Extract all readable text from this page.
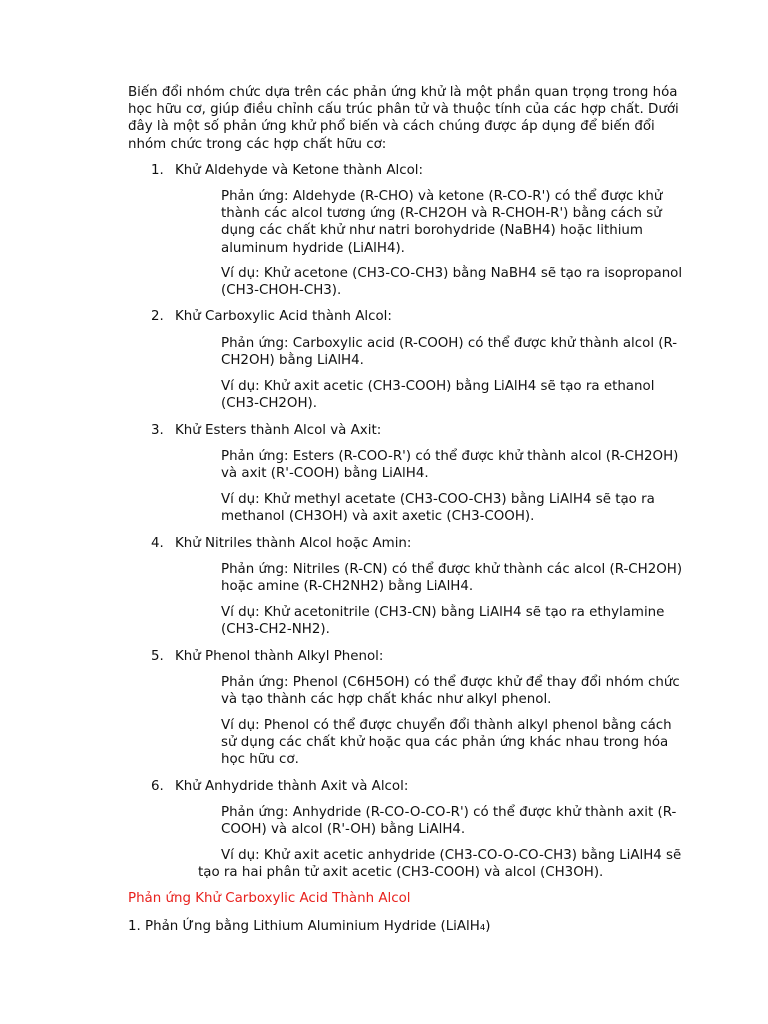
Biến đổi nhóm chức dựa trên các phản ứng khử là một phần quan trọng trong hóa học hữu cơ, giúp điều chỉnh cấu trúc phân tử và thuộc tính của các hợp chất. Dưới đây là một số phản ứng khử phổ biến và cách chúng được áp dụng để biến đổi nhóm chức trong các hợp chất hữu cơ:

1. Khử Aldehyde và Ketone thành Alcol:

Phản ứng: Aldehyde (R-CHO) và ketone (R-CO-R') có thể được khử thành các alcol tương ứng (R-CH2OH và R-CHOH-R') bằng cách sử dụng các chất khử như natri borohydride (NaBH4) hoặc lithium aluminum hydride (LiAlH4).

Ví dụ: Khử acetone (CH3-CO-CH3) bằng NaBH4 sẽ tạo ra isopropanol (CH3-CHOH-CH3).

2. Khử Carboxylic Acid thành Alcol:

Phản ứng: Carboxylic acid (R-COOH) có thể được khử thành alcol (R-CH2OH) bằng LiAlH4.

Ví dụ: Khử axit acetic (CH3-COOH) bằng LiAlH4 sẽ tạo ra ethanol (CH3-CH2OH).

3. Khử Esters thành Alcol và Axit:

Phản ứng: Esters (R-COO-R') có thể được khử thành alcol (R-CH2OH) và axit (R'-COOH) bằng LiAlH4.

Ví dụ: Khử methyl acetate (CH3-COO-CH3) bằng LiAlH4 sẽ tạo ra methanol (CH3OH) và axit axetic (CH3-COOH).

4. Khử Nitriles thành Alcol hoặc Amin:

Phản ứng: Nitriles (R-CN) có thể được khử thành các alcol (R-CH2OH) hoặc amine (R-CH2NH2) bằng LiAlH4.

Ví dụ: Khử acetonitrile (CH3-CN) bằng LiAlH4 sẽ tạo ra ethylamine (CH3-CH2-NH2).

5. Khử Phenol thành Alkyl Phenol:

Phản ứng: Phenol (C6H5OH) có thể được khử để thay đổi nhóm chức và tạo thành các hợp chất khác như alkyl phenol.

Ví dụ: Phenol có thể được chuyển đổi thành alkyl phenol bằng cách sử dụng các chất khử hoặc qua các phản ứng khác nhau trong hóa học hữu cơ.

6. Khử Anhydride thành Axit và Alcol:

Phản ứng: Anhydride (R-CO-O-CO-R') có thể được khử thành axit (R-COOH) và alcol (R'-OH) bằng LiAlH4.

Ví dụ: Khử axit acetic anhydride (CH3-CO-O-CO-CH3) bằng LiAlH4 sẽ tạo ra hai phân tử axit acetic (CH3-COOH) và alcol (CH3OH).

Phản ứng Khử Carboxylic Acid Thành Alcol

1. Phản Ứng bằng Lithium Aluminium Hydride (LiAlH₄)
